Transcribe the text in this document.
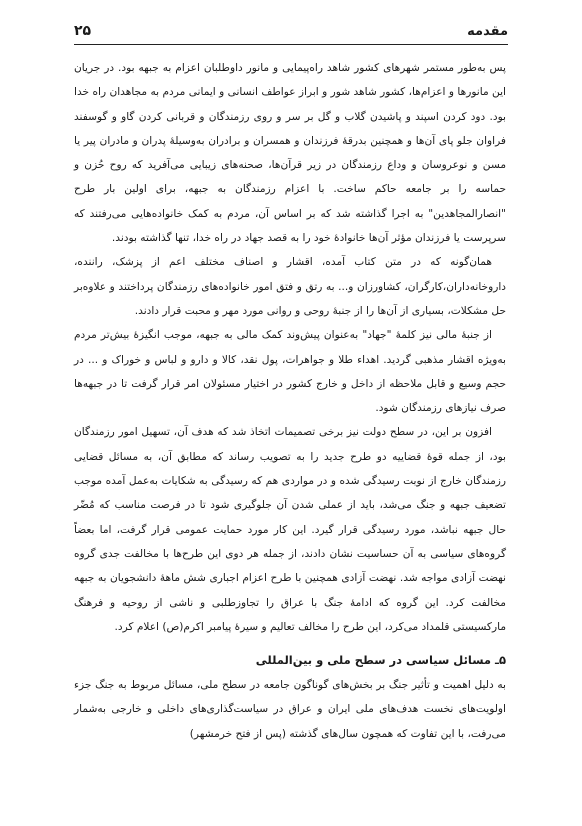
مقدمه
۲۵

پس به‌طور مستمر شهرهای کشور شاهد راه‌پیمایی و مانور داوطلبان اعزام به جبهه بود. در جریان این مانورها و اعزام‌ها، کشور شاهد شور و ابراز عواطف انسانی و ایمانی مردم به مجاهدان راه خدا بود. دود کردن اسپند و پاشیدن گلاب و گل بر سر و روی رزمندگان و قربانی کردن گاو و گوسفند فراوان جلو پای آن‌ها و همچنین بدرقهٔ فرزندان و همسران و برادران به‌وسیلهٔ پدران و مادران پیر یا مسن و نوعروسان و وداع رزمندگان در زیر قرآن‌ها، صحنه‌های زیبایی می‌آفرید که روح حُزن و حماسه را بر جامعه حاکم ساخت. با اعزام رزمندگان به جبهه، برای اولین بار طرح "انصارالمجاهدین" به اجرا گذاشته شد که بر اساس آن، مردم به کمک خانواده‌هایی می‌رفتند که سرپرست یا فرزندان مؤثر آن‌ها خانوادهٔ خود را به قصد جهاد در راه خدا، تنها گذاشته بودند.

همان‌گونه که در متن کتاب آمده، اقشار و اصناف مختلف اعم از پزشک، راننده، داروخانه‌داران،کارگران، کشاورزان و... به رتق و فتق امور خانواده‌های رزمندگان پرداختند و علاوه‌بر حل مشکلات، بسیاری از آن‌ها را از جنبهٔ روحی و روانی مورد مهر و محبت قرار دادند.

از جنبهٔ مالی نیز کلمهٔ "جهاد" به‌عنوان پیش‌وند کمک مالی به جبهه، موجب انگیزهٔ بیش‌تر مردم به‌ویژه اقشار مذهبی گردید. اهداء طلا و جواهرات، پول نقد، کالا و دارو و لباس و خوراک و ... در حجم وسیع و قابل ملاحظه از داخل و خارج کشور در اختیار مسئولان امر قرار گرفت تا در جبهه‌ها صرف نیازهای رزمندگان شود.

افزون بر این، در سطح دولت نیز برخی تصمیمات اتخاذ شد که هدف آن، تسهیل امور رزمندگان بود، از جمله قوهٔ قضاییه دو طرح جدید را به تصویب رساند که مطابق آن، به مسائل قضایی رزمندگان خارج از نوبت رسیدگی شده و در مواردی هم که رسیدگی به شکایات به‌عمل آمده موجب تضعیف جبهه و جنگ می‌شد، باید از عملی شدن آن جلوگیری شود تا در فرصت مناسب که مُضّر حال جبهه نباشد، مورد رسیدگی قرار گیرد. این کار مورد حمایت عمومی قرار گرفت، اما بعضاً گروه‌های سیاسی به آن حساسیت نشان دادند، از جمله هر دوی این طرح‌ها با مخالفت جدی گروه نهضت آزادی مواجه شد. نهضت آزادی همچنین با طرح اعزام اجباری شش ماههٔ دانشجویان به جبهه مخالفت کرد. این گروه که ادامهٔ جنگ با عراق را تجاوزطلبی و ناشی از روحیه و فرهنگ مارکسیستی قلمداد می‌کرد، این طرح را مخالف تعالیم و سیرهٔ پیامبر اکرم(ص) اعلام کرد.

۵ـ مسائل سیاسی در سطح ملی و بین‌المللی

به دلیل اهمیت و تأثیر جنگ بر بخش‌های گوناگون جامعه در سطح ملی، مسائل مربوط به جنگ جزء اولویت‌های نخست هدف‌های ملی ایران و عراق در سیاست‌گذاری‌های داخلی و خارجی به‌شمار می‌رفت، با این تفاوت که همچون سال‌های گذشته (پس از فتح خرمشهر)
